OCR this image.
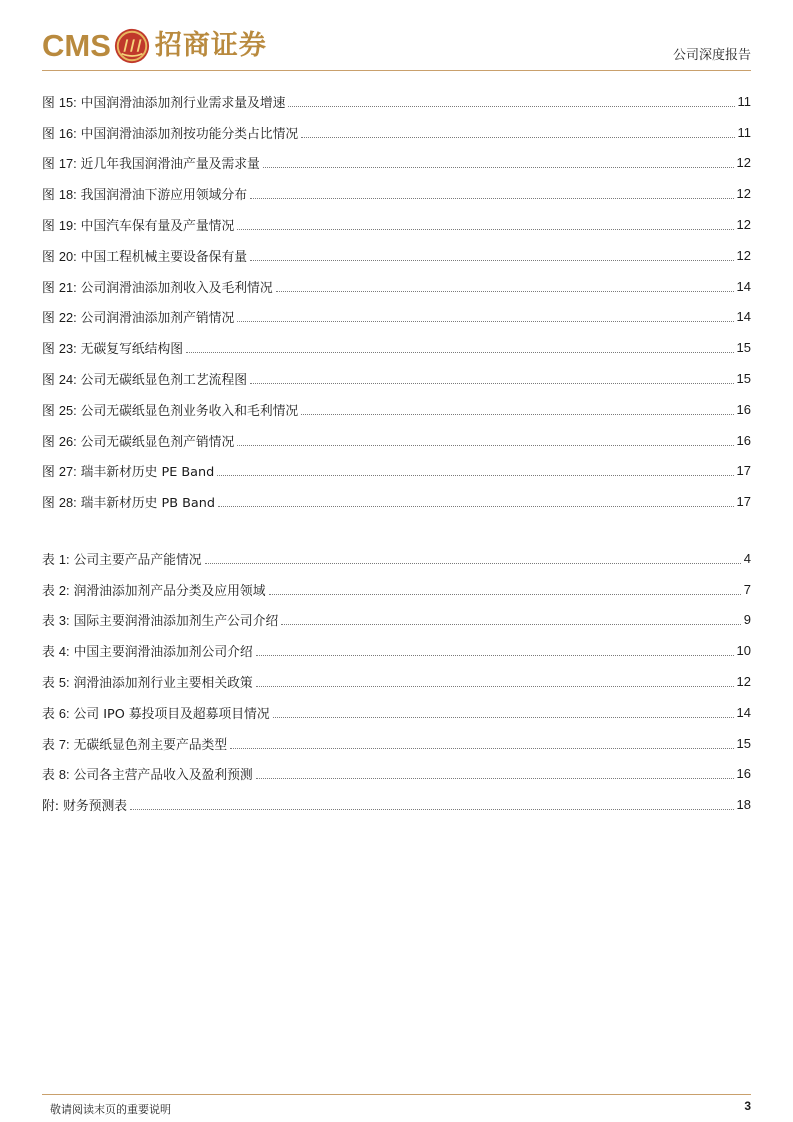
CMS 招商证券	公司深度报告
图 15: 中国润滑油添加剂行业需求量及增速	11
图 16: 中国润滑油添加剂按功能分类占比情况	11
图 17: 近几年我国润滑油产量及需求量	12
图 18: 我国润滑油下游应用领域分布	12
图 19: 中国汽车保有量及产量情况	12
图 20: 中国工程机械主要设备保有量	12
图 21: 公司润滑油添加剂收入及毛利情况	14
图 22: 公司润滑油添加剂产销情况	14
图 23: 无碳复写纸结构图	15
图 24: 公司无碳纸显色剂工艺流程图	15
图 25: 公司无碳纸显色剂业务收入和毛利情况	16
图 26: 公司无碳纸显色剂产销情况	16
图 27: 瑞丰新材历史 PE Band	17
图 28: 瑞丰新材历史 PB Band	17
表 1: 公司主要产品产能情况	4
表 2: 润滑油添加剂产品分类及应用领域	7
表 3: 国际主要润滑油添加剂生产公司介绍	9
表 4: 中国主要润滑油添加剂公司介绍	10
表 5: 润滑油添加剂行业主要相关政策	12
表 6: 公司 IPO 募投项目及超募项目情况	14
表 7: 无碳纸显色剂主要产品类型	15
表 8: 公司各主营产品收入及盈利预测	16
附: 财务预测表	18
敬请阅读末页的重要说明	3
